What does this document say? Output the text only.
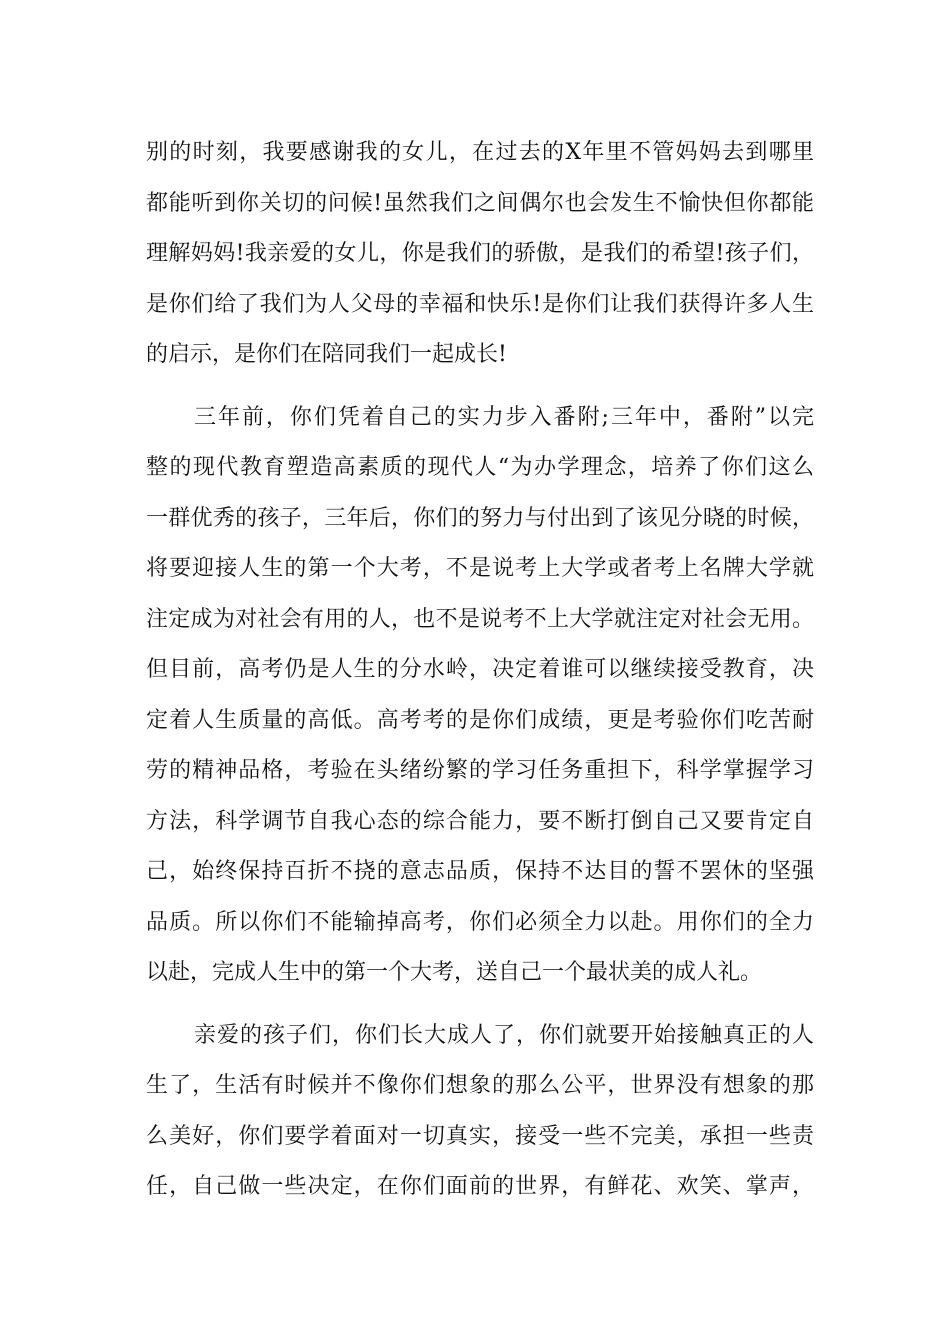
别的时刻，我要感谢我的女儿，在过去的X年里不管妈妈去到哪里
都能听到你关切的问候!虽然我们之间偶尔也会发生不愉快但你都能
理解妈妈!我亲爱的女儿，你是我们的骄傲，是我们的希望!孩子们，
是你们给了我们为人父母的幸福和快乐!是你们让我们获得许多人生
的启示，是你们在陪同我们一起成长!
三年前，你们凭着自己的实力步入番附;三年中，番附”以完
整的现代教育塑造高素质的现代人“为办学理念，培养了你们这么
一群优秀的孩子，三年后，你们的努力与付出到了该见分晓的时候，
将要迎接人生的第一个大考，不是说考上大学或者考上名牌大学就
注定成为对社会有用的人，也不是说考不上大学就注定对社会无用。
但目前，高考仍是人生的分水岭，决定着谁可以继续接受教育，决
定着人生质量的高低。高考考的是你们成绩，更是考验你们吃苦耐
劳的精神品格，考验在头绪纷繁的学习任务重担下，科学掌握学习
方法，科学调节自我心态的综合能力，要不断打倒自己又要肯定自
己，始终保持百折不挠的意志品质，保持不达目的誓不罢休的坚强
品质。所以你们不能输掉高考，你们必须全力以赴。用你们的全力
以赴，完成人生中的第一个大考，送自己一个最状美的成人礼。
亲爱的孩子们，你们长大成人了，你们就要开始接触真正的人
生了，生活有时候并不像你们想象的那么公平，世界没有想象的那
么美好，你们要学着面对一切真实，接受一些不完美，承担一些责
任，自己做一些决定，在你们面前的世界，有鲜花、欢笑、掌声，
